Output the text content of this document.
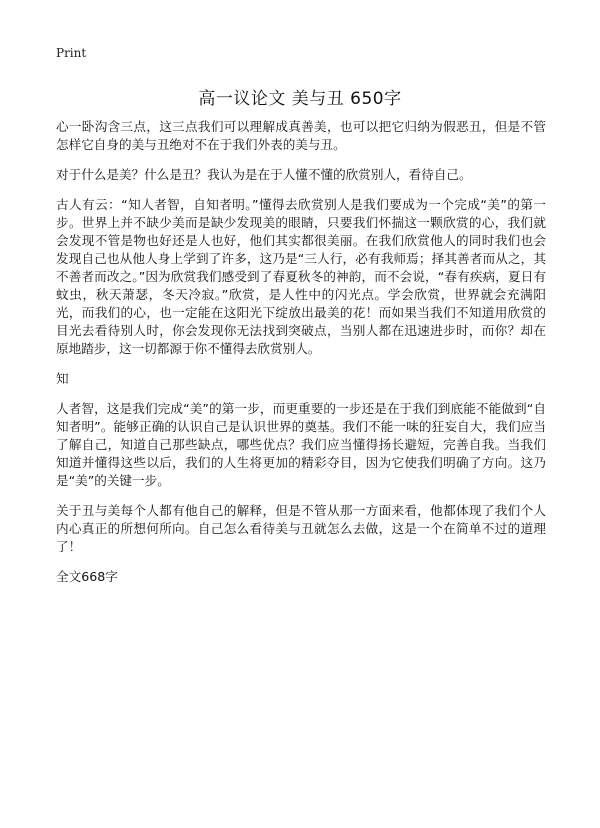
Print
高一议论文 美与丑 650字

心一卧沟含三点，这三点我们可以理解成真善美，也可以把它归纳为假恶丑，但是不管怎样它自身的美与丑绝对不在于我们外表的美与丑。

对于什么是美？什么是丑？我认为是在于人懂不懂的欣赏别人，看待自己。

古人有云：“知人者智，自知者明。”懂得去欣赏别人是我们要成为一个完成“美”的第一步。世界上并不缺少美而是缺少发现美的眼睛，只要我们怀揣这一颗欣赏的心，我们就会发现不管是物也好还是人也好，他们其实都很美丽。在我们欣赏他人的同时我们也会发现自己也从他人身上学到了许多，这乃是“三人行，必有我师焉；择其善者而从之，其不善者而改之。”因为欣赏我们感受到了春夏秋冬的神韵，而不会说，“春有疾病，夏日有蚊虫，秋天萧瑟，冬天冷寂。”欣赏，是人性中的闪光点。学会欣赏，世界就会充满阳光，而我们的心，也一定能在这阳光下绽放出最美的花！而如果当我们不知道用欣赏的目光去看待别人时，你会发现你无法找到突破点，当别人都在迅速进步时，而你？却在原地踏步，这一切都源于你不懂得去欣赏别人。

知

人者智，这是我们完成“美”的第一步，而更重要的一步还是在于我们到底能不能做到“自知者明”。能够正确的认识自己是认识世界的奠基。我们不能一味的狂妄自大，我们应当了解自己，知道自己那些缺点，哪些优点？我们应当懂得扬长避短，完善自我。当我们知道并懂得这些以后，我们的人生将更加的精彩夺目，因为它使我们明确了方向。这乃是“美”的关键一步。

关于丑与美每个人都有他自己的解释，但是不管从那一方面来看，他都体现了我们个人内心真正的所想何所向。自己怎么看待美与丑就怎么去做，这是一个在简单不过的道理了！

全文668字
